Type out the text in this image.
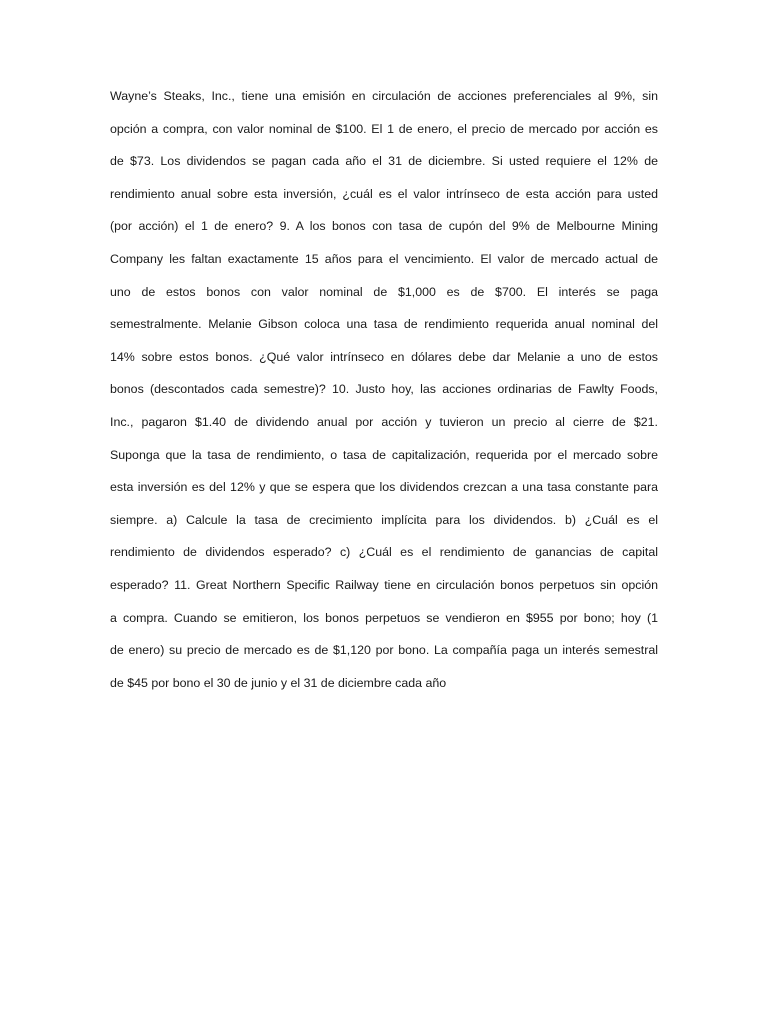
Wayne’s Steaks, Inc., tiene una emisión en circulación de acciones preferenciales al 9%, sin
opción a compra, con valor nominal de $100. El 1 de enero, el precio de mercado por acción es
de $73. Los dividendos se pagan cada año el 31 de diciembre. Si usted requiere el 12% de
rendimiento anual sobre esta inversión, ¿cuál es el valor intrínseco de esta acción para usted
(por acción) el 1 de enero? 9. A los bonos con tasa de cupón del 9% de Melbourne Mining
Company les faltan exactamente 15 años para el vencimiento. El valor de mercado actual de
uno de estos bonos con valor nominal de $1,000 es de $700. El interés se paga
semestralmente. Melanie Gibson coloca una tasa de rendimiento requerida anual nominal del
14% sobre estos bonos. ¿Qué valor intrínseco en dólares debe dar Melanie a uno de estos
bonos (descontados cada semestre)? 10. Justo hoy, las acciones ordinarias de Fawlty Foods,
Inc., pagaron $1.40 de dividendo anual por acción y tuvieron un precio al cierre de $21.
Suponga que la tasa de rendimiento, o tasa de capitalización, requerida por el mercado sobre
esta inversión es del 12% y que se espera que los dividendos crezcan a una tasa constante para
siempre. a) Calcule la tasa de crecimiento implícita para los dividendos. b) ¿Cuál es el
rendimiento de dividendos esperado? c) ¿Cuál es el rendimiento de ganancias de capital
esperado? 11. Great Northern Specific Railway tiene en circulación bonos perpetuos sin opción
a compra. Cuando se emitieron, los bonos perpetuos se vendieron en $955 por bono; hoy (1
de enero) su precio de mercado es de $1,120 por bono. La compañía paga un interés semestral
de $45 por bono el 30 de junio y el 31 de diciembre cada año
